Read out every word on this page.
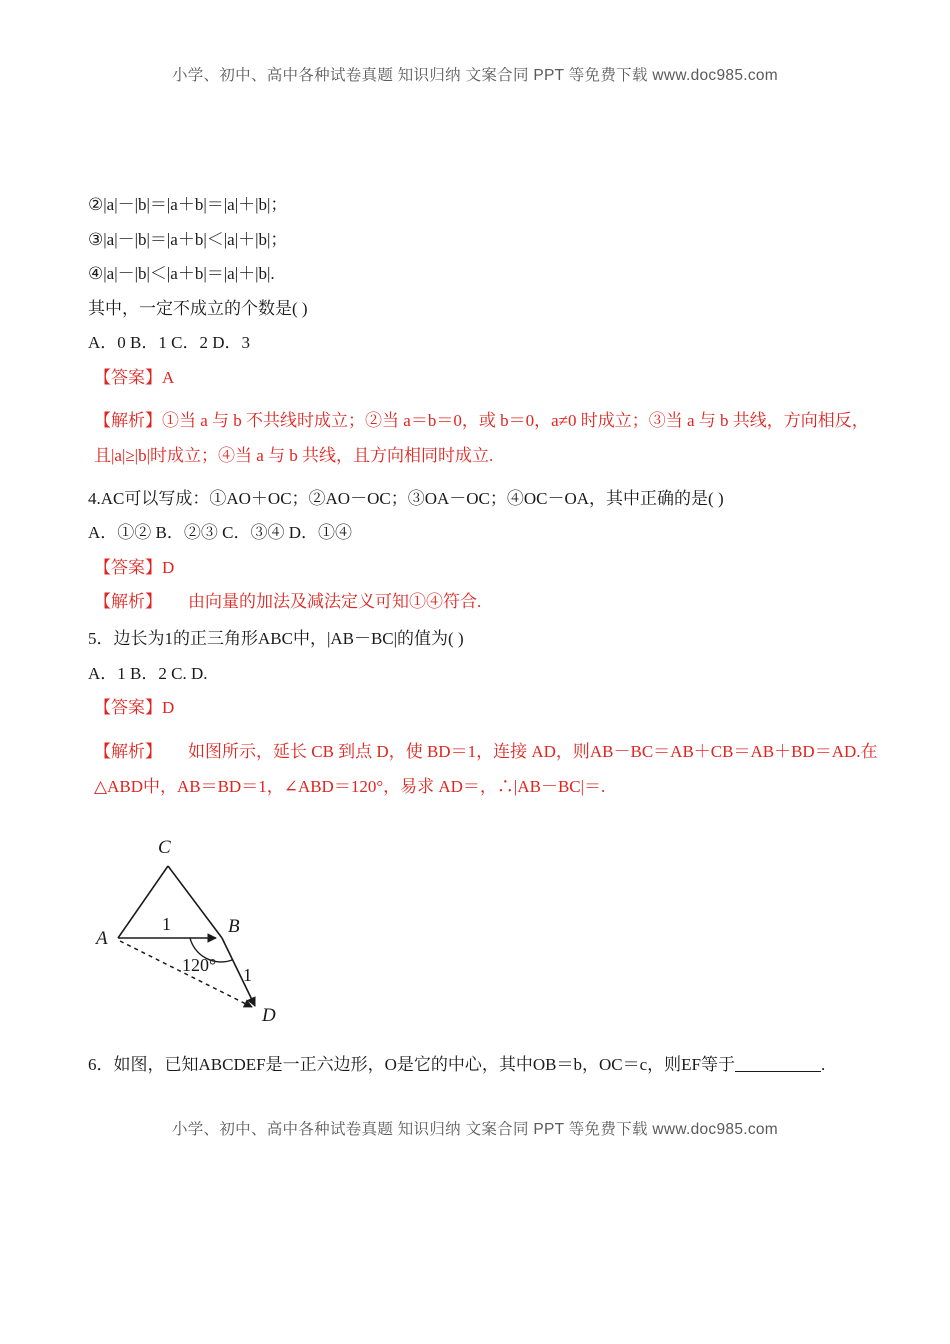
小学、初中、高中各种试卷真题 知识归纳 文案合同 PPT 等免费下载 www.doc985.com
②|a|－|b|＝|a＋b|＝|a|＋|b|；
③|a|－|b|＝|a＋b|＜|a|＋|b|；
④|a|－|b|＜|a＋b|＝|a|＋|b|.
其中，一定不成立的个数是( )
A．0 B．1 C．2 D．3
【答案】A
【解析】①当 a 与 b 不共线时成立；②当 a＝b＝0，或 b＝0，a≠0 时成立；③当 a 与 b 共线，方向相反，且|a|≥|b|时成立；④当 a 与 b 共线，且方向相同时成立.
4.AC可以写成：①AO＋OC；②AO－OC；③OA－OC；④OC－OA，其中正确的是( )
A．①② B．②③ C．③④ D．①④
【答案】D
【解析】 由向量的加法及减法定义可知①④符合.
5．边长为1的正三角形ABC中，|AB－BC|的值为( )
A．1 B．2 C. D.
【答案】D
【解析】 如图所示，延长 CB 到点 D，使 BD＝1，连接 AD，则AB－BC＝AB＋CB＝AB＋BD＝AD.在△ABD中，AB＝BD＝1，∠ABD＝120°，易求 AD＝，∴|AB－BC|＝.
A
B
C
D
1
1
120°
6．如图，已知ABCDEF是一正六边形，O是它的中心，其中OB＝b，OC＝c，则EF等于	.
小学、初中、高中各种试卷真题 知识归纳 文案合同 PPT 等免费下载 www.doc985.com
